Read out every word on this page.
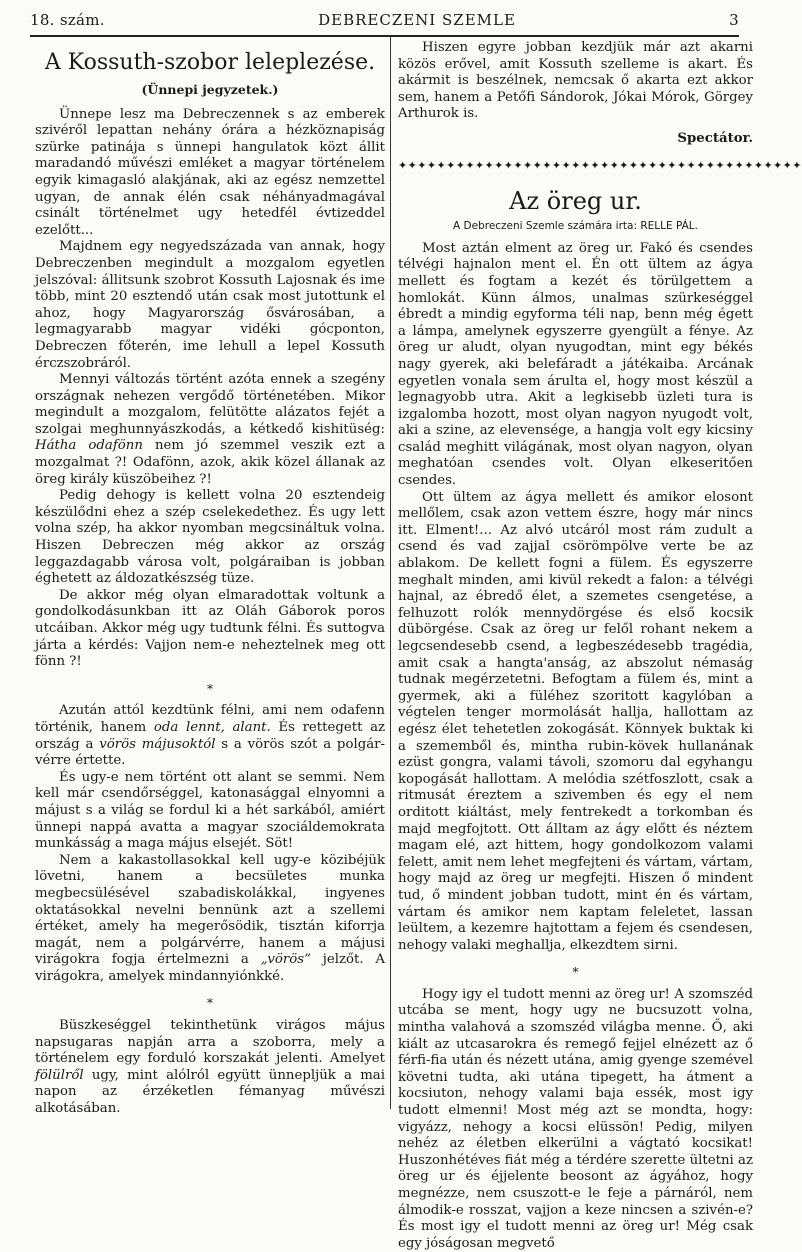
18. szám.	DEBRECZENI SZEMLE	3
A Kossuth-szobor leleplezése.
(Ünnepi jegyzetek.)

Ünnepe lesz ma Debreczennek s az emberek szivéről lepattan nehány órára a hézköznapiság szürke patinája s ünnepi hangulatok közt állit maradandó művészi emléket a magyar történelem egyik kimagasló alakjának, aki az egész nemzettel ugyan, de annak élén csak néhányadmagával csinált történelmet ugy hetedfél évtizeddel ezelőtt...

Majdnem egy negyedszázada van annak, hogy Debreczenben megindult a mozgalom egyetlen jelszóval: állitsunk szobrot Kossuth Lajosnak és ime több, mint 20 esztendő után csak most jutottunk el ahoz, hogy Magyarország ősvárosában, a legmagyarabb magyar vidéki gócponton, Debreczen főterén, ime lehull a lepel Kossuth érczszobráról.

Mennyi változás történt azóta ennek a szegény országnak nehezen vergődő történetében. Mikor megindult a mozgalom, felütötte alázatos fejét a szolgai meghunnyászkodás, a kétkedő kishitüség: Hátha odafönn nem jó szemmel veszik ezt a mozgalmat ?! Odafönn, azok, akik közel állanak az öreg király küszöbeihez ?!

Pedig dehogy is kellett volna 20 esztendeig készülődni ehez a szép cselekedethez. És ugy lett volna szép, ha akkor nyomban megcsináltuk volna. Hiszen Debreczen még akkor az ország leggazdagabb városa volt, polgáraiban is jobban éghetett az áldozatkészség tüze.

De akkor még olyan elmaradottak voltunk a gondolkodásunkban itt az Oláh Gáborok poros utcáiban. Akkor még ugy tudtunk félni. És suttogva járta a kérdés: Vajjon nem-e neheztelnek meg ott fönn ?!

*

Azután attól kezdtünk félni, ami nem odafenn történik, hanem oda lennt, alant. És rettegett az ország a vörös májusoktól s a vörös szót a polgár-vérre értette.

És ugy-e nem történt ott alant se semmi. Nem kell már csendőrséggel, katonasággal elnyomni a májust s a világ se fordul ki a hét sarkából, amiért ünnepi nappá avatta a magyar szociáldemokrata munkásság a maga május elsejét. Söt!

Nem a kakastollasokkal kell ugy-e közibéjük lövetni, hanem a becsületes munka megbecsülésével szabadiskolákkal, ingyenes oktatásokkal nevelni bennünk azt a szellemi értéket, amely ha megerősödik, tisztán kiforrja magát, nem a polgárvérre, hanem a májusi virágokra fogja értelmezni a „vörös” jelzőt. A virágokra, amelyek mindannyiónkké.

*

Büszkeséggel tekinthetünk virágos május napsugaras napján arra a szoborra, mely a történelem egy forduló korszakát jelenti. Amelyet fölülről ugy, mint alólról együtt ünnepljük a mai napon az érzéketlen fémanyag művészi alkotásában.

Hiszen egyre jobban kezdjük már azt akarni közös erővel, amit Kossuth szelleme is akart. És akármit is beszélnek, nemcsak ő akarta ezt akkor sem, hanem a Petőfi Sándorok, Jókai Mórok, Görgey Arthurok is.

Spectátor.
✦✦✦✦✦✦✦✦✦✦✦✦✦✦✦✦✦✦✦✦✦✦✦✦✦✦✦✦✦✦✦✦✦✦✦✦✦✦✦✦✦✦
Az öreg ur.
A Debreczeni Szemle számára irta: RELLE PÁL.

Most aztán elment az öreg ur. Fakó és csendes télvégi hajnalon ment el. Én ott ültem az ágya mellett és fogtam a kezét és törülgettem a homlokát. Künn álmos, unalmas szürkeséggel ébredt a mindig egyforma téli nap, benn még égett a lámpa, amelynek egyszerre gyengült a fénye. Az öreg ur aludt, olyan nyugodtan, mint egy békés nagy gyerek, aki belefáradt a játékaiba. Arcának egyetlen vonala sem árulta el, hogy most készül a legnagyobb utra. Akit a legkisebb üzleti tura is izgalomba hozott, most olyan nagyon nyugodt volt, aki a szine, az elevensége, a hangja volt egy kicsiny család meghitt világának, most olyan nagyon, olyan meghatóan csendes volt. Olyan elkeseritően csendes.

Ott ültem az ágya mellett és amikor elosont mellőlem, csak azon vettem észre, hogy már nincs itt. Elment!... Az alvó utcáról most rám zudult a csend és vad zajjal csörömpölve verte be az ablakom. De kellett fogni a fülem. És egyszerre meghalt minden, ami kivül rekedt a falon: a télvégi hajnal, az ébredő élet, a szemetes csengetése, a felhuzott rolók mennydörgése és első kocsik dübörgése. Csak az öreg ur felől rohant nekem a legcsendesebb csend, a legbeszédesebb tragédia, amit csak a hangta'anság, az abszolut némaság tudnak megérzetetni. Befogtam a fülem és, mint a gyermek, aki a füléhez szoritott kagylóban a végtelen tenger mormolását hallja, hallottam az egész élet tehetetlen zokogását. Könnyek buktak ki a szememből és, mintha rubin-kövek hullanának ezüst gongra, valami távoli, szomoru dal egyhangu kopogását hallottam. A melódia szétfoszlott, csak a ritmusát éreztem a szivemben és egy el nem orditott kiáltást, mely fentrekedt a torkomban és majd megfojtott. Ott álltam az ágy előtt és néztem magam elé, azt hittem, hogy gondolkozom valami felett, amit nem lehet megfejteni és vártam, vártam, hogy majd az öreg ur megfejti. Hiszen ő mindent tud, ő mindent jobban tudott, mint én és vártam, vártam és amikor nem kaptam feleletet, lassan leültem, a kezemre hajtottam a fejem és csendesen, nehogy valaki meghallja, elkezdtem sirni.

*

Hogy igy el tudott menni az öreg ur! A szomszéd utcába se ment, hogy ugy ne bucsuzott volna, mintha valahová a szomszéd világba menne. Ő, aki kiált az utcasarokra és remegő fejjel elnézett az ő férfi-fia után és nézett utána, amig gyenge szemével követni tudta, aki utána tipegett, ha átment a kocsiuton, nehogy valami baja essék, most igy tudott elmenni! Most még azt se mondta, hogy: vigyázz, nehogy a kocsi elüssön! Pedig, milyen nehéz az életben elkerülni a vágtató kocsikat! Huszonhétéves fiát még a térdére szerette ültetni az öreg ur és éjjelente beosont az ágyához, hogy megnézze, nem csuszott-e le feje a párnáról, nem álmodik-e rosszat, vajjon a keze nincsen a szivén-e? És most igy el tudott menni az öreg ur! Még csak egy jóságosan megvető
